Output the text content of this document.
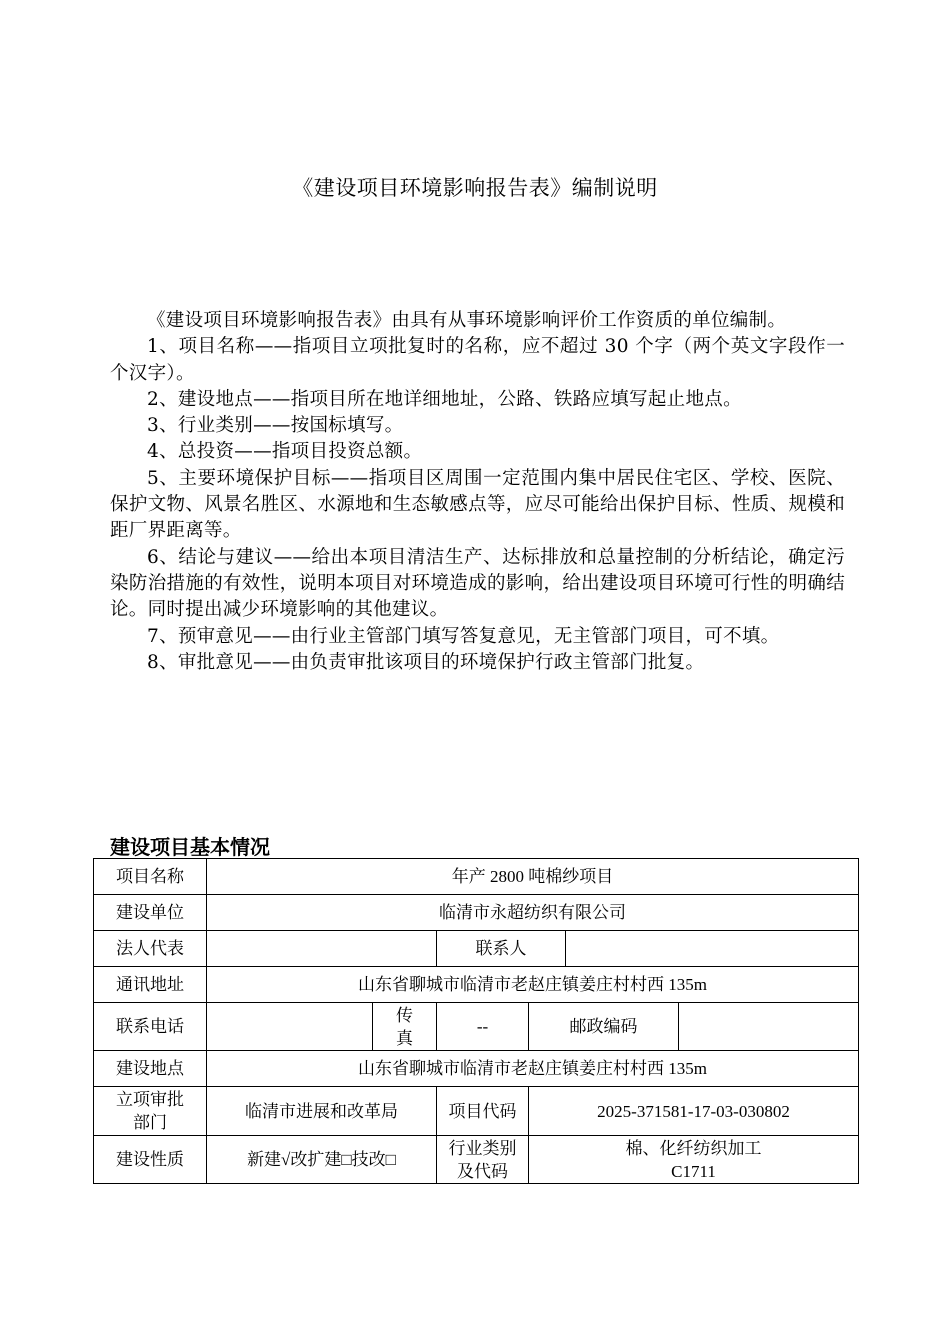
《建设项目环境影响报告表》编制说明

《建设项目环境影响报告表》由具有从事环境影响评价工作资质的单位编制。

1、项目名称——指项目立项批复时的名称，应不超过 30 个字（两个英文字段作一个汉字）。

2、建设地点——指项目所在地详细地址，公路、铁路应填写起止地点。

3、行业类别——按国标填写。

4、总投资——指项目投资总额。

5、主要环境保护目标——指项目区周围一定范围内集中居民住宅区、学校、医院、保护文物、风景名胜区、水源地和生态敏感点等，应尽可能给出保护目标、性质、规模和距厂界距离等。

6、结论与建议——给出本项目清洁生产、达标排放和总量控制的分析结论，确定污染防治措施的有效性，说明本项目对环境造成的影响，给出建设项目环境可行性的明确结论。同时提出减少环境影响的其他建议。

7、预审意见——由行业主管部门填写答复意见，无主管部门项目，可不填。

8、审批意见——由负责审批该项目的环境保护行政主管部门批复。

建设项目基本情况
项目名称	年产 2800 吨棉纱项目					
建设单位	临清市永超纺织有限公司					
法人代表			联系人			
通讯地址	山东省聊城市临清市老赵庄镇姜庄村村西 135m					
联系电话		传真	--	邮政编码		
建设地点	山东省聊城市临清市老赵庄镇姜庄村村西 135m					
立项审批部门	临清市进展和改革局		项目代码	2025-371581-17-03-030802		
建设性质	新建√改扩建□技改□		行业类别及代码	棉、化纤纺织加工 C1711		
